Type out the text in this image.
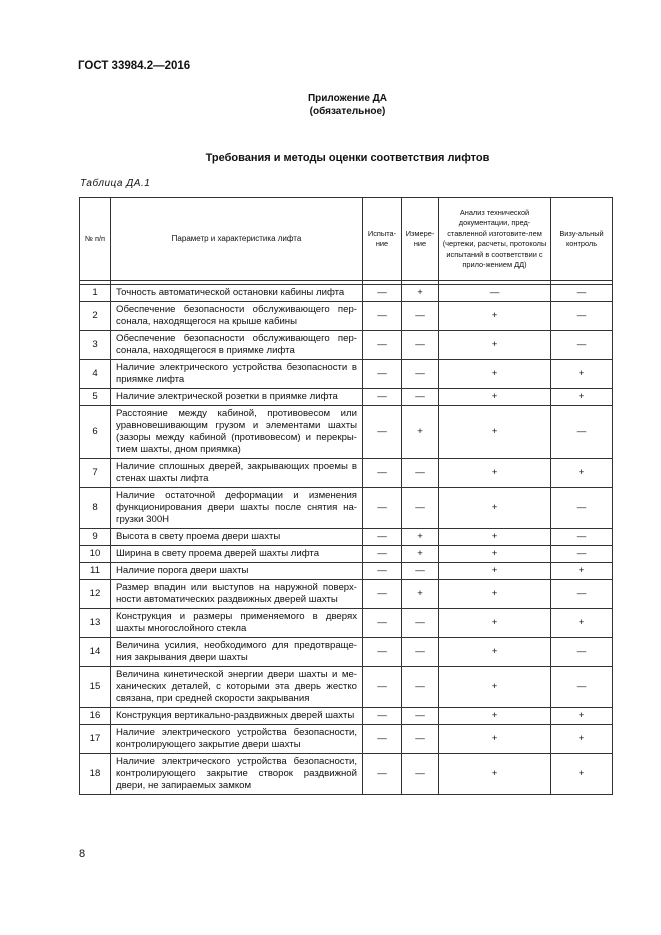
ГОСТ 33984.2—2016
Приложение ДА
(обязательное)
Требования и методы оценки соответствия лифтов
Таблица ДА.1
№ п/п	Параметр и характеристика лифта	Испыта-ние	Измере-ние	Анализ технической документации, пред-ставленной изготовите-лем (чертежи, расчеты, протоколы испытаний в соответствии с прило-жением ДД)	Визу-альный контроль

1	Точность автоматической остановки кабины лифта	—	+	—	—
2	Обеспечение безопасности обслуживающего пер-сонала, находящегося на крыше кабины	—	—	+	—
3	Обеспечение безопасности обслуживающего пер-сонала, находящегося в приямке лифта	—	—	+	—
4	Наличие электрического устройства безопасности в приямке лифта	—	—	+	+
5	Наличие электрической розетки в приямке лифта	—	—	+	+
6	Расстояние между кабиной, противовесом или уравновешивающим грузом и элементами шахты (зазоры между кабиной (противовесом) и перекры-тием шахты, дном приямка)	—	+	+	—
7	Наличие сплошных дверей, закрывающих проемы в стенах шахты лифта	—	—	+	+
8	Наличие остаточной деформации и изменения функционирования двери шахты после снятия на-грузки 300Н	—	—	+	—
9	Высота в свету проема двери шахты	—	+	+	—
10	Ширина в свету проема дверей шахты лифта	—	+	+	—
11	Наличие порога двери шахты	—	—	+	+
12	Размер впадин или выступов на наружной поверх-ности автоматических раздвижных дверей шахты	—	+	+	—
13	Конструкция и размеры применяемого в дверях шахты многослойного стекла	—	—	+	+
14	Величина усилия, необходимого для предотвраще-ния закрывания двери шахты	—	—	+	—
15	Величина кинетической энергии двери шахты и ме-ханических деталей, с которыми эта дверь жестко связана, при средней скорости закрывания	—	—	+	—
16	Конструкция вертикально-раздвижных дверей шахты	—	—	+	+
17	Наличие электрического устройства безопасности, контролирующего закрытие двери шахты	—	—	+	+
18	Наличие электрического устройства безопасности, контролирующего закрытие створок раздвижной двери, не запираемых замком	—	—	+	+
8
